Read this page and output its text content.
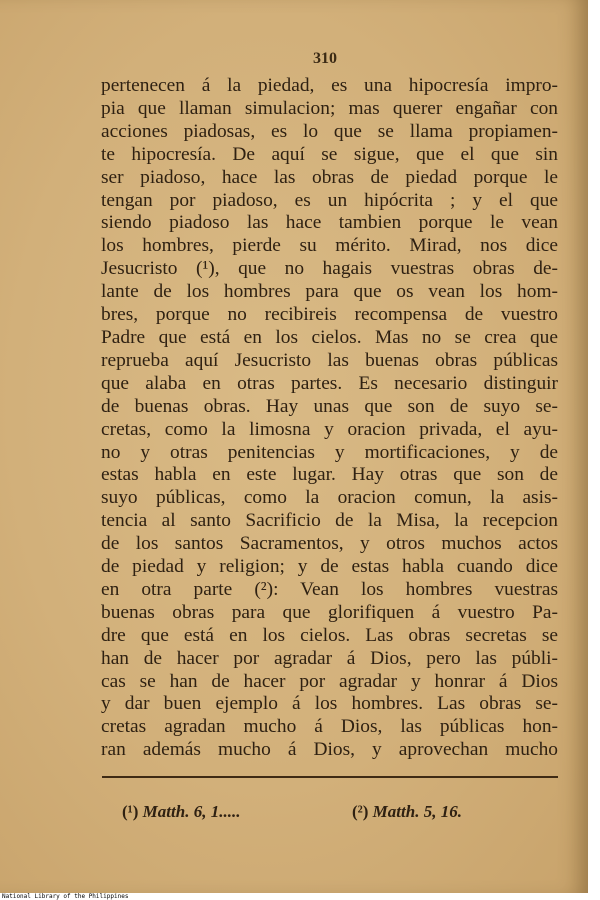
310
pertenecen á la piedad, es una hipocresía impro-
pia que llaman simulacion; mas querer engañar con
acciones piadosas, es lo que se llama propiamen-
te hipocresía. De aquí se sigue, que el que sin
ser piadoso, hace las obras de piedad porque le
tengan por piadoso, es un hipócrita ; y el que
siendo piadoso las hace tambien porque le vean
los hombres, pierde su mérito. Mirad, nos dice
Jesucristo (¹), que no hagais vuestras obras de-
lante de los hombres para que os vean los hom-
bres, porque no recibireis recompensa de vuestro
Padre que está en los cielos. Mas no se crea que
reprueba aquí Jesucristo las buenas obras públicas
que alaba en otras partes. Es necesario distinguir
de buenas obras. Hay unas que son de suyo se-
cretas, como la limosna y oracion privada, el ayu-
no y otras penitencias y mortificaciones, y de
estas habla en este lugar. Hay otras que son de
suyo públicas, como la oracion comun, la asis-
tencia al santo Sacrificio de la Misa, la recepcion
de los santos Sacramentos, y otros muchos actos
de piedad y religion; y de estas habla cuando dice
en otra parte (²): Vean los hombres vuestras
buenas obras para que glorifiquen á vuestro Pa-
dre que está en los cielos. Las obras secretas se
han de hacer por agradar á Dios, pero las públi-
cas se han de hacer por agradar y honrar á Dios
y dar buen ejemplo á los hombres. Las obras se-
cretas agradan mucho á Dios, las públicas hon-
ran además mucho á Dios, y aprovechan mucho
(¹) Matth. 6, 1.....	(²) Matth. 5, 16.
National Library of the Philippines
